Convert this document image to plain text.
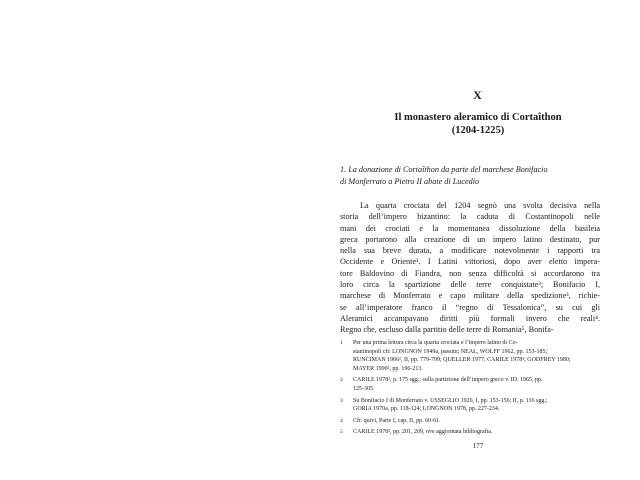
X
Il monastero aleramico di Cortaîthon
(1204-1225)
1. La donazione di Cortaîthon da parte del marchese Bonifacio
di Monferrato a Pietro II abate di Lucedio
La quarta crociata del 1204 segnò una svolta decisiva nella
storia dell’impero bizantino: la caduta di Costantinopoli nelle
mani dei crociati e la momentanea dissoluzione della basileia
greca portarono alla creazione di un impero latino destinato, pur
nella sua breve durata, a modificare notevolmente i rapporti tra
Occidente e Oriente¹. I Latini vittoriosi, dopo aver eletto impera-
tore Baldovino di Fiandra, non senza difficoltà si accordarono tra
loro circa la spartizione delle terre conquistate²; Bonifacio I,
marchese di Monferrato e capo militare della spedizione³, richie-
se all’imperatore franco il “regno di Tessalonica”, su cui gli
Aleramici accampavano diritti più formali invero che reali⁴.
Regno che, escluso dalla partitio delle terre di Romania⁵, Bonifa-
1	Per una prima lettura circa la quarta crociata e l’impero latino di Co-
stantinopoli cfr. LONGNON 1949a, passim; NEAL, WOLFF 1962, pp. 153-185;
RUNCIMAN 1966², II, pp. 779-799; QUELLER 1977; CARILE 1978²; GODFREY 1980;
MAYER 1990², pp. 196-213.
2	CARILE 1978², p. 175 sgg.; sulla partizione dell’impero greco v. ID. 1965, pp.
125-305.
3	Su Bonifacio I di Monferrato v. USSEGLIO 1926, I, pp. 153-156; II, p. 116 sgg.;
GORIA 1970a, pp. 118-124; LONGNON 1978, pp. 227-234.
4	Cfr. quivi, Parte I, cap. II, pp. 60-61.
5	CARILE 1978², pp. 201, 209, ove aggiornata bibliografia.
177
